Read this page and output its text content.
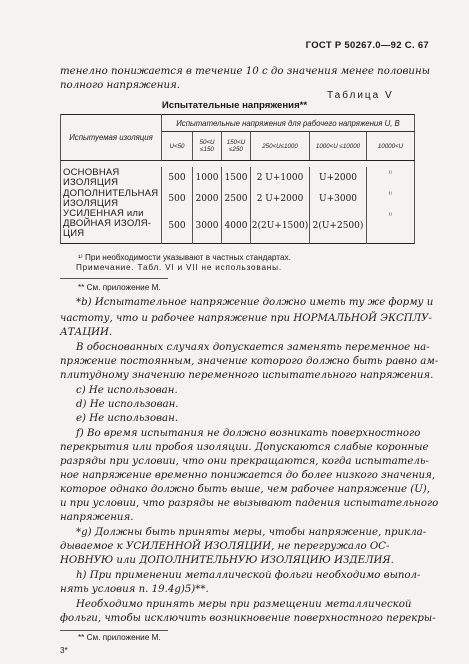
ГОСТ Р 50267.0—92 С. 67
тенелно понижается в течение 10 с до значения менее половины
полного напряжения.
Таблица V
Испытательные напряжения**
Испытуемая изоляция	Испытательные напряжения для рабочего напряжения U, В					
	U<50	50<U ≤150	150<U ≤250	250<U≤1000	1000<U ≤10000	10000<U

ОСНОВНАЯ
ИЗОЛЯЦИЯ	500	1000	1500	2 U+1000	U+2000	¹⁾
ДОПОЛНИТЕЛЬНАЯ
ИЗОЛЯЦИЯ	500	2000	2500	2 U+2000	U+3000	¹⁾
УСИЛЕННАЯ или
ДВОЙНАЯ ИЗОЛЯ-
ЦИЯ	500	3000	4000	2(2U+1500)	2(U+2500)	¹⁾
¹⁾ При необходимости указывают в частных стандартах.
Примечание. Табл. VI и VII не использованы.
** См. приложение М.
*b) Испытательное напряжение должно иметь ту же форму и
частоту, что и рабочее напряжение при НОРМАЛЬНОЙ ЭКСПЛУ-
АТАЦИИ.
В обоснованных случаях допускается заменять переменное на-
пряжение постоянным, значение которого должно быть равно ам-
плитудному значению переменного испытательного напряжения.
с) Не использован.
d) Не использован.
е) Не использован.
f) Во время испытания не должно возникать поверхностного
перекрытия или пробоя изоляции. Допускаются слабые коронные
разряды при условии, что они прекращаются, когда испытатель-
ное напряжение временно понижается до более низкого значения,
которое однако должно быть выше, чем рабочее напряжение (U),
и при условии, что разряды не вызывают падения испытательного
напряжения.
*g) Должны быть приняты меры, чтобы напряжение, прикла-
дываемое к УСИЛЕННОЙ ИЗОЛЯЦИИ, не перегружало ОС-
НОВНУЮ или ДОПОЛНИТЕЛЬНУЮ ИЗОЛЯЦИЮ ИЗДЕЛИЯ.
h) При применении металлической фольги необходимо выпол-
нять условия п. 19.4g)5)**.
Необходимо принять меры при размещении металлической
фольги, чтобы исключить возникновение поверхностного перекры-
** См. приложение М.
3*
